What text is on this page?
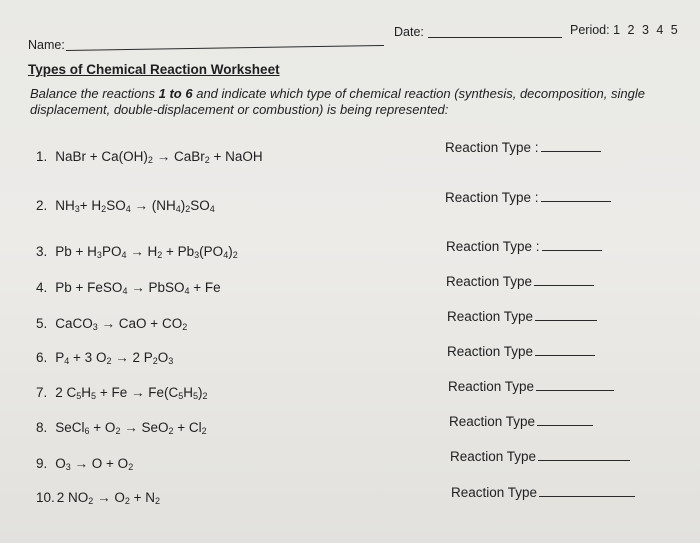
Name:
Date:	Period: 1 2 3 4 5
Types of Chemical Reaction Worksheet
Balance the reactions 1 to 6 and indicate which type of chemical reaction (synthesis, decomposition, single
displacement, double-displacement or combustion) is being represented:
1. NaBr + $Ca(OH)_2$ → CaBr$_2$ + NaOH
Reaction Type :
2. $NH_3+ H_2SO_4 \to (NH_4)_2SO_4$
Reaction Type :
3. $Pb + H_3PO_4 \to H_2 + Pb_3(PO_4)_2$
Reaction Type :
4. Pb + FeSO$_4$ → PbSO$_4$ + Fe	Reaction Type
5. CaCO$_3$ → CaO + $CO_2$
Reaction Type
6. $P_4 + 3$ $O_2 \to 2$ $P_2O_3$
Reaction Type
7. 2 $C_5H_5 + Fe \to Fe(C_5H_5)_2$
Reaction Type
8. SeCl$_6$ + $O_2 \to SeO_2 + Cl_2$
Reaction Type
9. $O_3 \to O + O_2$
Reaction Type
10. 2 $NO_2 \to O_2 + N_2$
Reaction Type
